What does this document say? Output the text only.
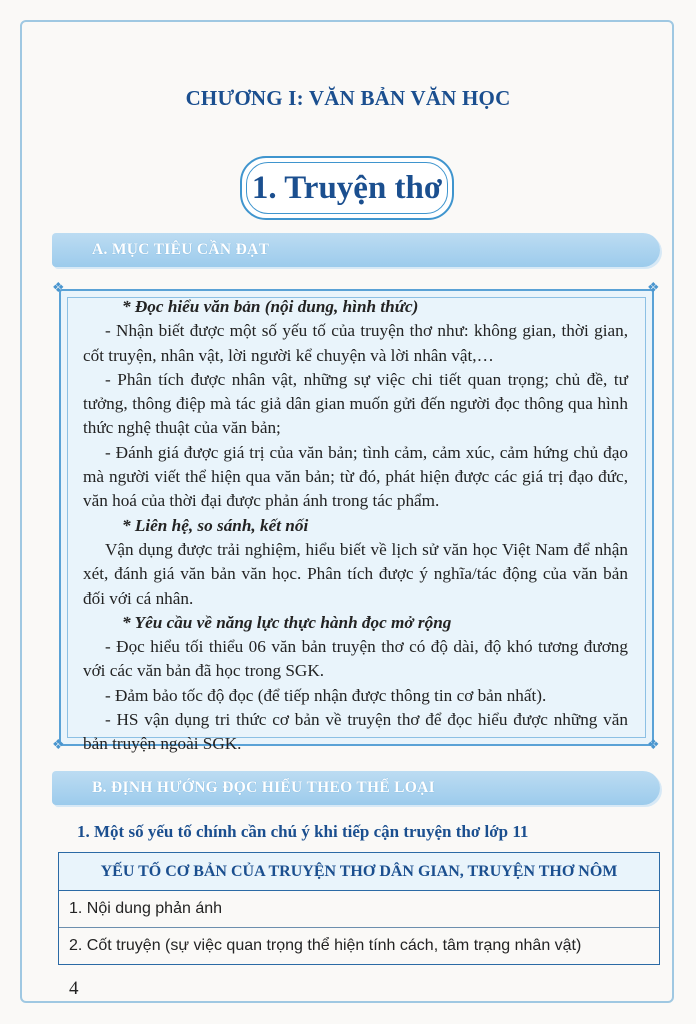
CHƯƠNG I: VĂN BẢN VĂN HỌC
1. Truyện thơ
A. MỤC TIÊU CẦN ĐẠT
❖	❖
❖	❖

* Đọc hiểu văn bản (nội dung, hình thức)

- Nhận biết được một số yếu tố của truyện thơ như: không gian, thời gian, cốt truyện, nhân vật, lời người kể chuyện và lời nhân vật,…

- Phân tích được nhân vật, những sự việc chi tiết quan trọng; chủ đề, tư tưởng, thông điệp mà tác giả dân gian muốn gửi đến người đọc thông qua hình thức nghệ thuật của văn bản;

- Đánh giá được giá trị của văn bản; tình cảm, cảm xúc, cảm hứng chủ đạo mà người viết thể hiện qua văn bản; từ đó, phát hiện được các giá trị đạo đức, văn hoá của thời đại được phản ánh trong tác phẩm.

* Liên hệ, so sánh, kết nối

Vận dụng được trải nghiệm, hiểu biết về lịch sử văn học Việt Nam để nhận xét, đánh giá văn bản văn học. Phân tích được ý nghĩa/tác động của văn bản đối với cá nhân.

* Yêu cầu về năng lực thực hành đọc mở rộng

- Đọc hiểu tối thiểu 06 văn bản truyện thơ có độ dài, độ khó tương đương với các văn bản đã học trong SGK.

- Đảm bảo tốc độ đọc (để tiếp nhận được thông tin cơ bản nhất).

- HS vận dụng tri thức cơ bản về truyện thơ để đọc hiểu được những văn bản truyện ngoài SGK.

B. ĐỊNH HƯỚNG ĐỌC HIỂU THEO THỂ LOẠI
1. Một số yếu tố chính cần chú ý khi tiếp cận truyện thơ lớp 11
YẾU TỐ CƠ BẢN CỦA TRUYỆN THƠ DÂN GIAN, TRUYỆN THƠ NÔM
1. Nội dung phản ánh
2. Cốt truyện (sự việc quan trọng thể hiện tính cách, tâm trạng nhân vật)
4
